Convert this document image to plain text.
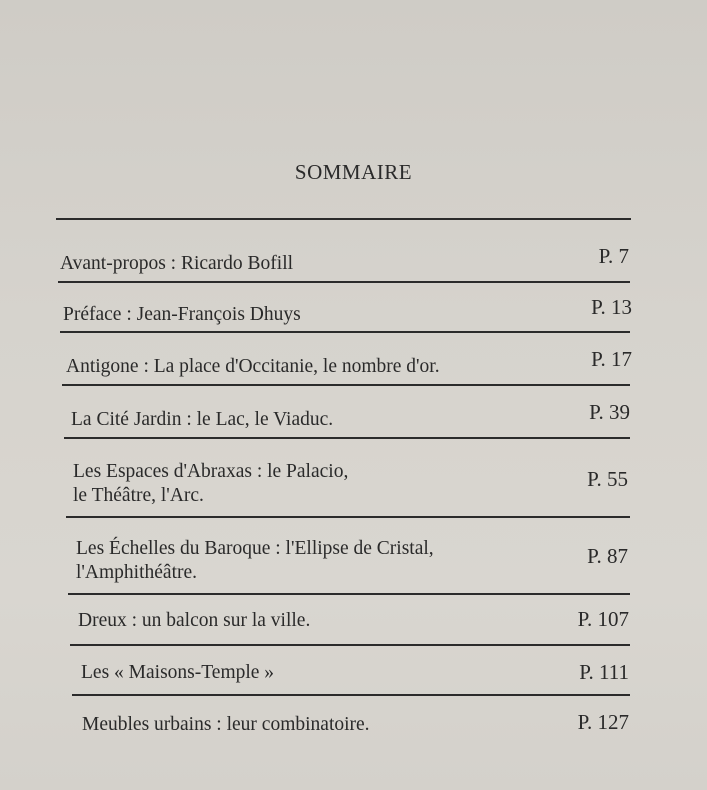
SOMMAIRE
Avant-propos : Ricardo Bofill	P. 7
Préface : Jean-François Dhuys	P. 13
Antigone : La place d'Occitanie, le nombre d'or.	P. 17
La Cité Jardin : le Lac, le Viaduc.	P. 39
Les Espaces d'Abraxas : le Palacio,
le Théâtre, l'Arc.
P. 55
Les Échelles du Baroque : l'Ellipse de Cristal,
l'Amphithéâtre.
P. 87
Dreux : un balcon sur la ville.	P. 107
Les « Maisons-Temple »	P. 111
Meubles urbains : leur combinatoire.	P. 127
